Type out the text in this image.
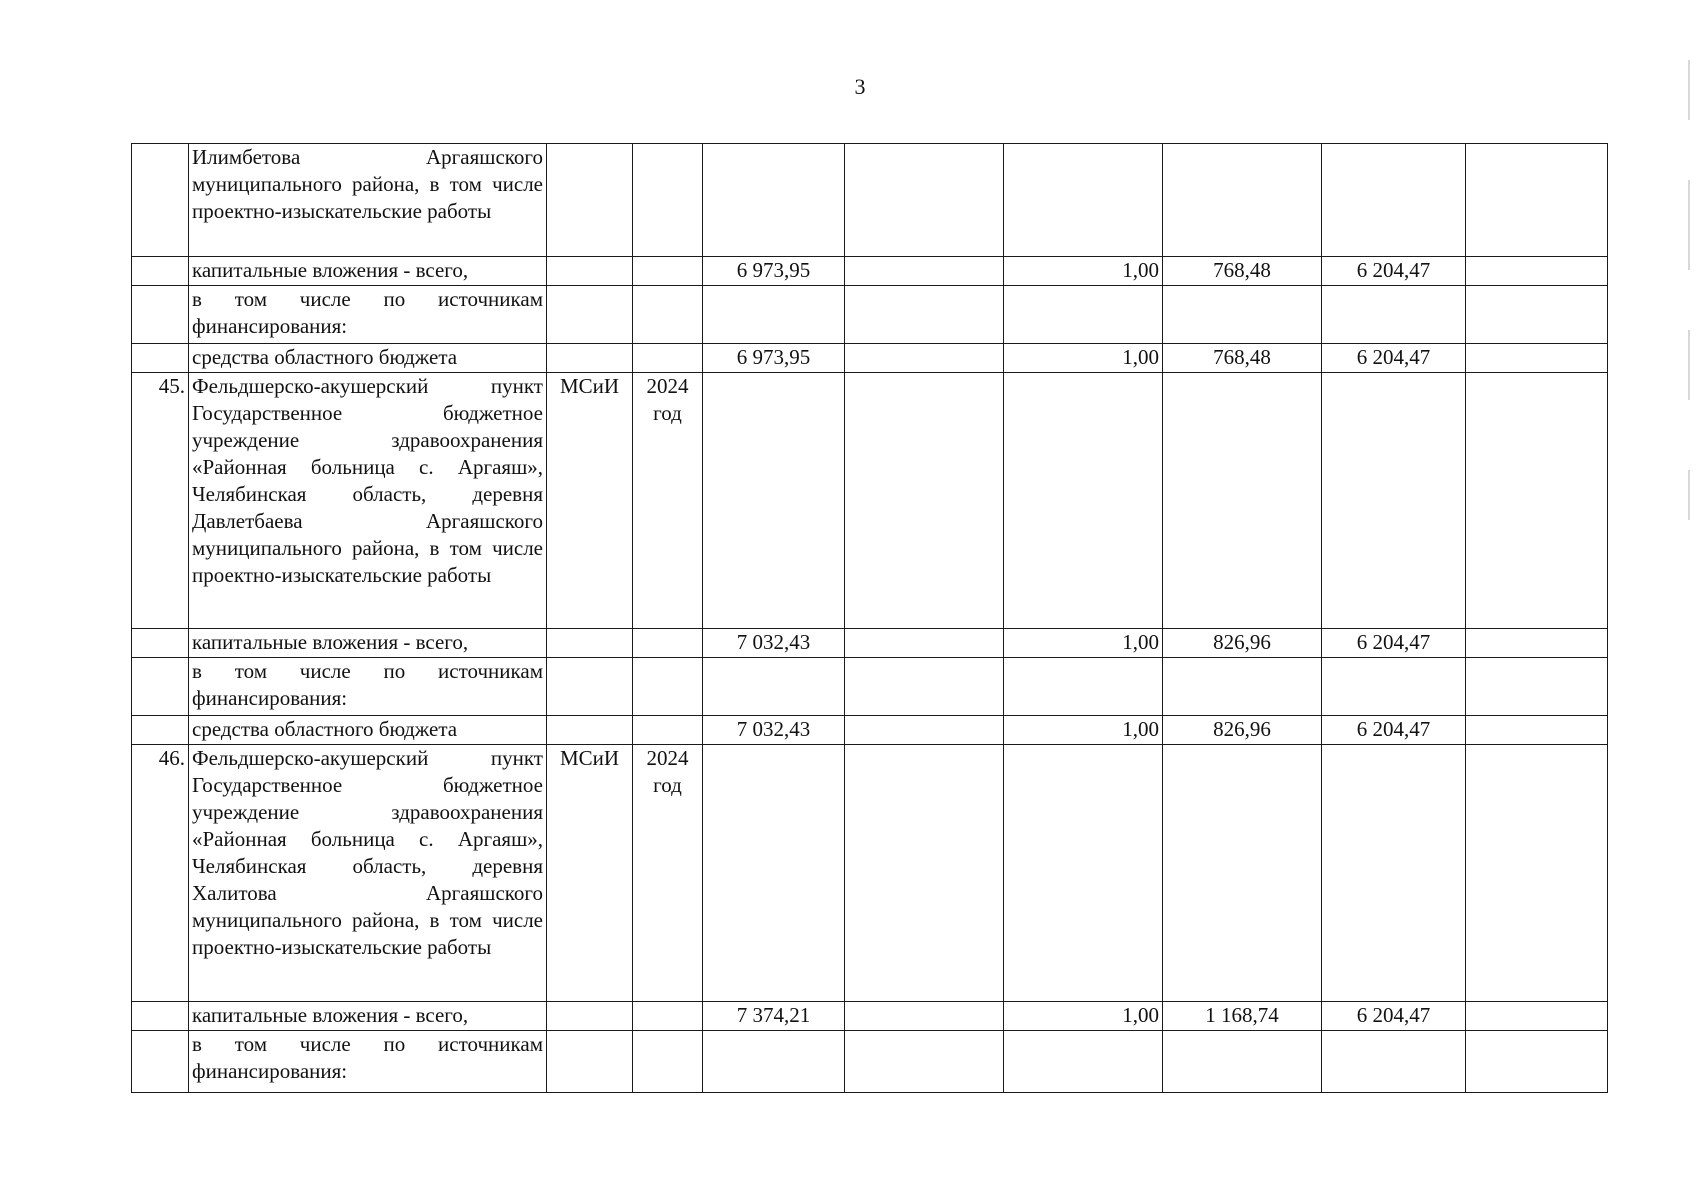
3
	Илимбетова Аргаяшского муниципального района, в том числе проектно-изыскательские работы								
	капитальные вложения - всего,			6 973,95		1,00	768,48	6 204,47	
	в том числе по источникам финансирования:								
	средства областного бюджета			6 973,95		1,00	768,48	6 204,47	
45.	Фельдшерско-акушерский пункт Государственное бюджетное учреждение здравоохранения «Районная больница с. Аргаяш», Челябинская область, деревня Давлетбаева Аргаяшского муниципального района, в том числе проектно-изыскательские работы	МСиИ	2024 год						
	капитальные вложения - всего,			7 032,43		1,00	826,96	6 204,47	
	в том числе по источникам финансирования:								
	средства областного бюджета			7 032,43		1,00	826,96	6 204,47	
46.	Фельдшерско-акушерский пункт Государственное бюджетное учреждение здравоохранения «Районная больница с. Аргаяш», Челябинская область, деревня Халитова Аргаяшского муниципального района, в том числе проектно-изыскательские работы	МСиИ	2024 год						
	капитальные вложения - всего,			7 374,21		1,00	1 168,74	6 204,47	
	в том числе по источникам финансирования:								
